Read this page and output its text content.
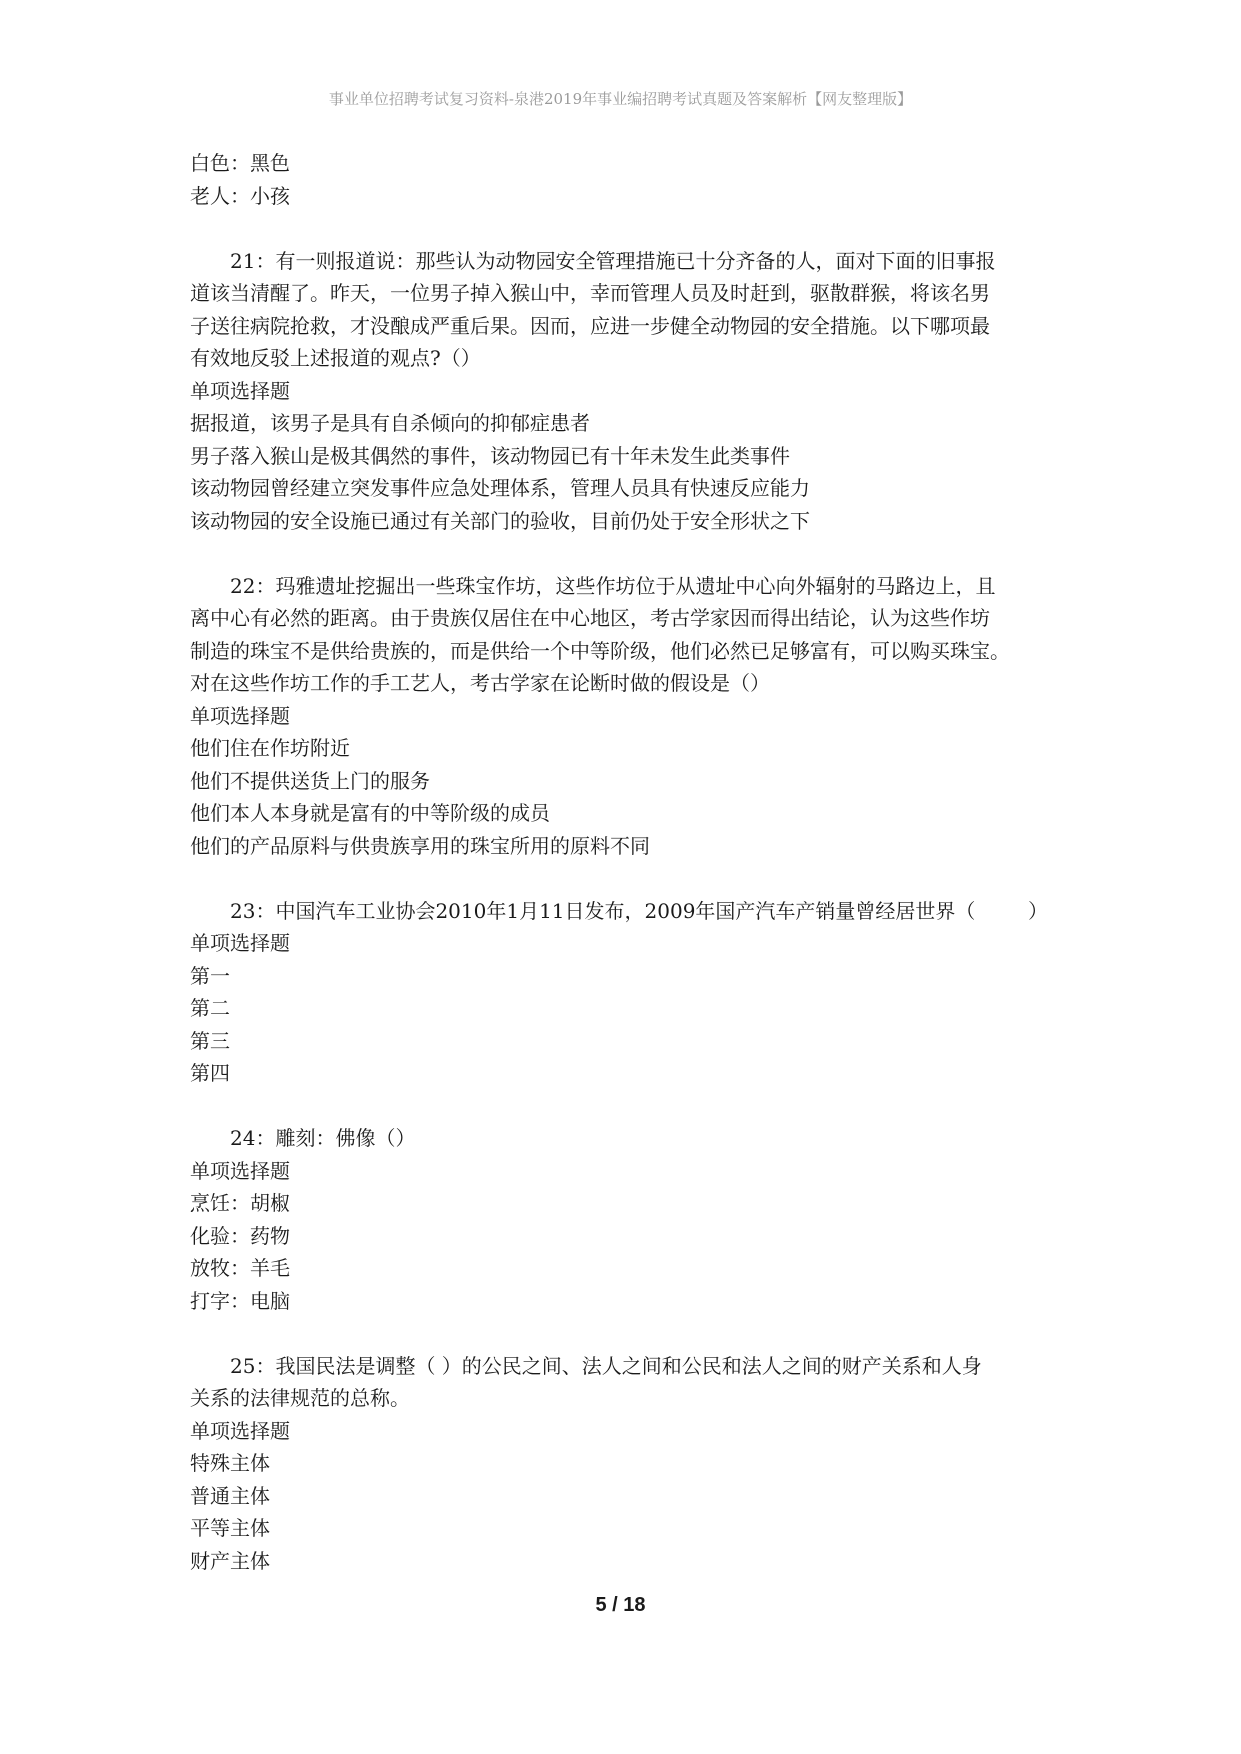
事业单位招聘考试复习资料-泉港2019年事业编招聘考试真题及答案解析【网友整理版】
白色：黑色
老人：小孩
21：有一则报道说：那些认为动物园安全管理措施已十分齐备的人，面对下面的旧事报
道该当清醒了。昨天，一位男子掉入猴山中，幸而管理人员及时赶到，驱散群猴，将该名男
子送往病院抢救，才没酿成严重后果。因而，应进一步健全动物园的安全措施。以下哪项最
有效地反驳上述报道的观点?（）
单项选择题
据报道，该男子是具有自杀倾向的抑郁症患者
男子落入猴山是极其偶然的事件，该动物园已有十年未发生此类事件
该动物园曾经建立突发事件应急处理体系，管理人员具有快速反应能力
该动物园的安全设施已通过有关部门的验收，目前仍处于安全形状之下
22：玛雅遗址挖掘出一些珠宝作坊，这些作坊位于从遗址中心向外辐射的马路边上，且
离中心有必然的距离。由于贵族仅居住在中心地区，考古学家因而得出结论，认为这些作坊
制造的珠宝不是供给贵族的，而是供给一个中等阶级，他们必然已足够富有，可以购买珠宝。
对在这些作坊工作的手工艺人，考古学家在论断时做的假设是（）
单项选择题
他们住在作坊附近
他们不提供送货上门的服务
他们本人本身就是富有的中等阶级的成员
他们的产品原料与供贵族享用的珠宝所用的原料不同
23：中国汽车工业协会2010年1月11日发布，2009年国产汽车产销量曾经居世界（	）
单项选择题
第一
第二
第三
第四
24：雕刻：佛像（）
单项选择题
烹饪：胡椒
化验：药物
放牧：羊毛
打字：电脑
25：我国民法是调整（ ）的公民之间、法人之间和公民和法人之间的财产关系和人身
关系的法律规范的总称。
单项选择题
特殊主体
普通主体
平等主体
财产主体
5 / 18
